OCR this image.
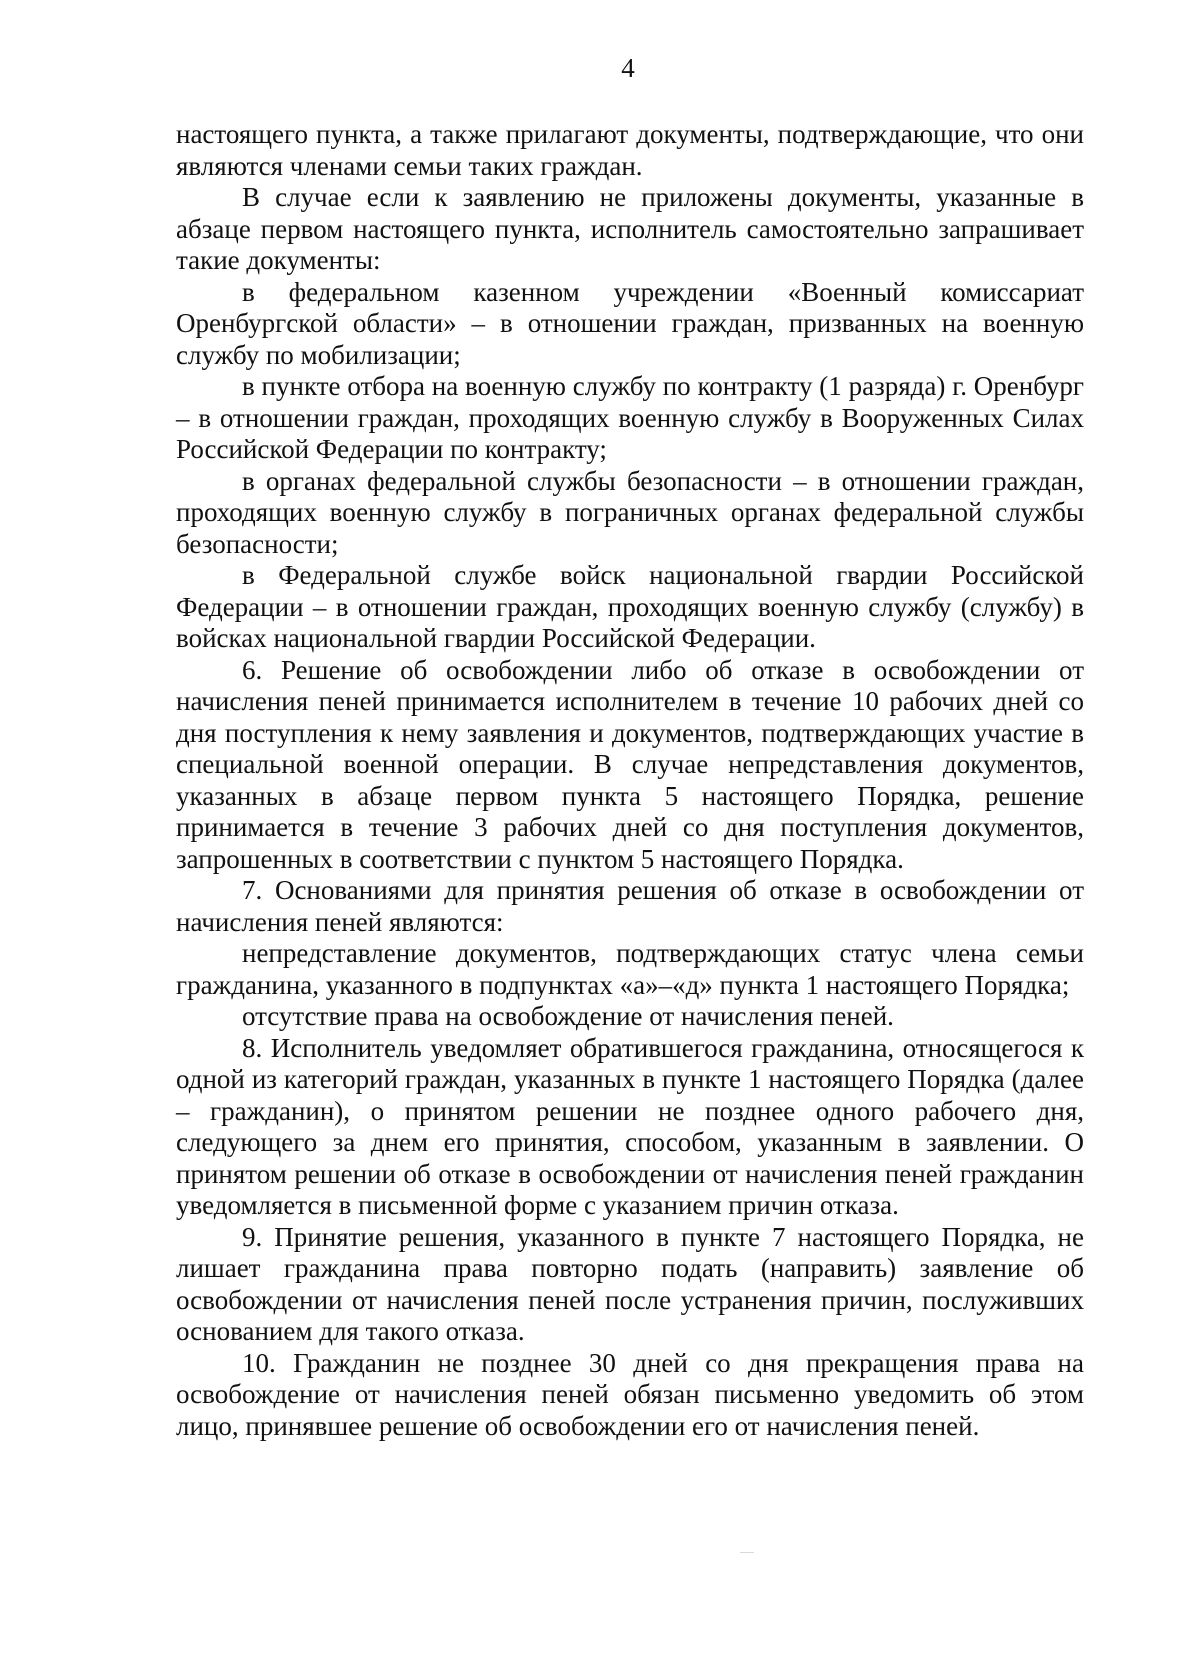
4

настоящего пункта, а также прилагают документы, подтверждающие, что они являются членами семьи таких граждан.

В случае если к заявлению не приложены документы, указанные в абзаце первом настоящего пункта, исполнитель самостоятельно запрашивает такие документы:

в федеральном казенном учреждении «Военный комиссариат Оренбургской области» – в отношении граждан, призванных на военную службу по мобилизации;

в пункте отбора на военную службу по контракту (1 разряда) г. Оренбург – в отношении граждан, проходящих военную службу в Вооруженных Силах Российской Федерации по контракту;

в органах федеральной службы безопасности – в отношении граждан, проходящих военную службу в пограничных органах федеральной службы безопасности;

в Федеральной службе войск национальной гвардии Российской Федерации – в отношении граждан, проходящих военную службу (службу) в войсках национальной гвардии Российской Федерации.

6. Решение об освобождении либо об отказе в освобождении от начисления пеней принимается исполнителем в течение 10 рабочих дней со дня поступления к нему заявления и документов, подтверждающих участие в специальной военной операции. В случае непредставления документов, указанных в абзаце первом пункта 5 настоящего Порядка, решение принимается в течение 3 рабочих дней со дня поступления документов, запрошенных в соответствии с пунктом 5 настоящего Порядка.

7. Основаниями для принятия решения об отказе в освобождении от начисления пеней являются:

непредставление документов, подтверждающих статус члена семьи гражданина, указанного в подпунктах «а»–«д» пункта 1 настоящего Порядка;

отсутствие права на освобождение от начисления пеней.

8. Исполнитель уведомляет обратившегося гражданина, относящегося к одной из категорий граждан, указанных в пункте 1 настоящего Порядка (далее – гражданин), о принятом решении не позднее одного рабочего дня, следующего за днем его принятия, способом, указанным в заявлении. О принятом решении об отказе в освобождении от начисления пеней гражданин уведомляется в письменной форме с указанием причин отказа.

9. Принятие решения, указанного в пункте 7 настоящего Порядка, не лишает гражданина права повторно подать (направить) заявление об освобождении от начисления пеней после устранения причин, послуживших основанием для такого отказа.

10. Гражданин не позднее 30 дней со дня прекращения права на освобождение от начисления пеней обязан письменно уведомить об этом лицо, принявшее решение об освобождении его от начисления пеней.
